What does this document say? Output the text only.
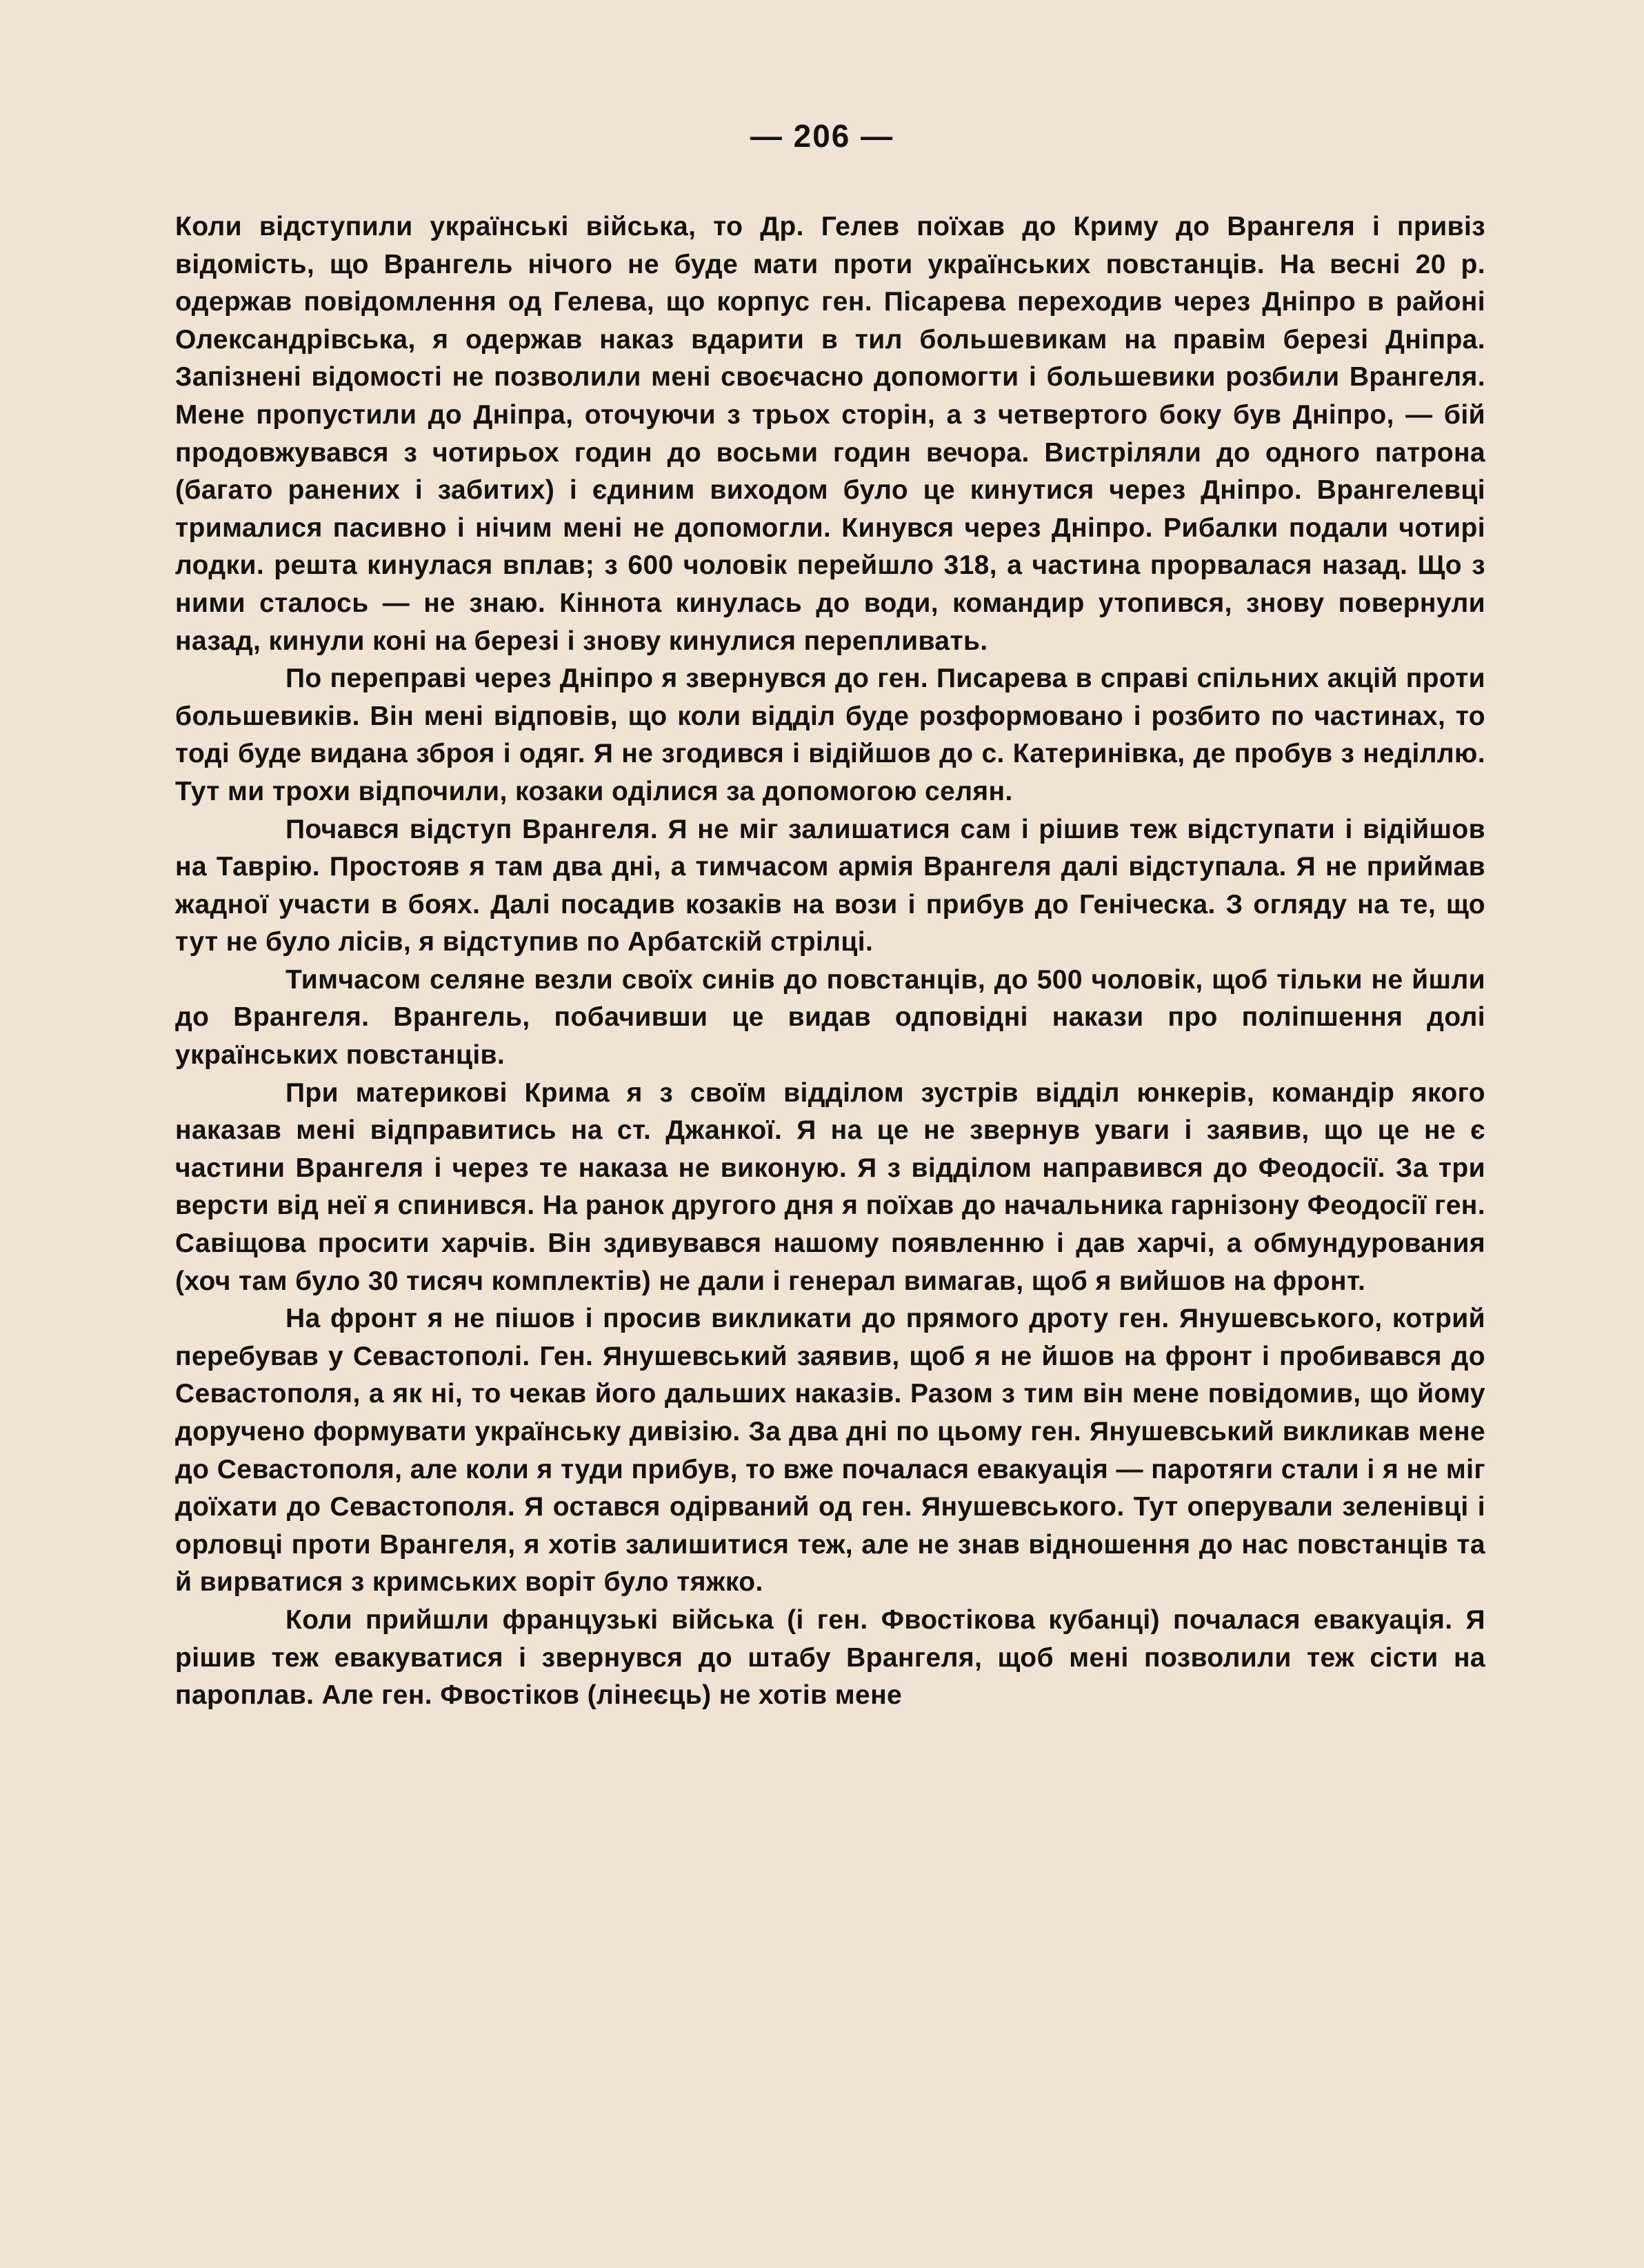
— 206 —

Коли відступили українські війська, то Др. Гелев поїхав до Криму до Врангеля і привіз відомість, що Врангель нічого не буде мати проти українських повстанців. На весні 20 р. одержав повідомлення од Гелева, що корпус ген. Пісарева переходив через Дніпро в районі Олександрівська, я одержав наказ вдарити в тил большевикам на правім березі Дніпра. Запізнені відомості не позволили мені своєчасно допомогти і большевики розбили Врангеля. Мене пропустили до Дніпра, оточуючи з трьох сторін, а з четвертого боку був Дніпро, — бій продовжувався з чотирьох годин до восьми годин вечора. Вистріляли до одного патрона (багато ранених і забитих) і єдиним виходом було це кинутися через Дніпро. Врангелевці трималися пасивно і нічим мені не допомогли. Кинувся через Дніпро. Рибалки подали чотирі лодки. решта кинулася вплав; з 600 чоловік перейшло 318, а частина прорвалася назад. Що з ними сталось — не знаю. Кіннота кинулась до води, командир утопився, знову повернули назад, кинули коні на березі і знову кинулися перепливать.

По переправі через Дніпро я звернувся до ген. Писарева в справі спільних акцій проти большевиків. Він мені відповів, що коли відділ буде розформовано і розбито по частинах, то тоді буде видана зброя і одяг. Я не згодився і відійшов до с. Катеринівка, де пробув з неділлю. Тут ми трохи відпочили, козаки оділися за допомогою селян.

Почався відступ Врангеля. Я не міг залишатися сам і рішив теж відступати і відійшов на Таврію. Простояв я там два дні, а тимчасом армія Врангеля далі відступала. Я не приймав жадної участи в боях. Далі посадив козаків на вози і прибув до Геніческа. З огляду на те, що тут не було лісів, я відступив по Арбатскій стрілці.

Тимчасом селяне везли своїх синів до повстанців, до 500 чоловік, щоб тільки не йшли до Врангеля. Врангель, побачивши це видав одповідні накази про поліпшення долі українських повстанців.

При материкові Крима я з своїм відділом зустрів відділ юнкерів, командір якого наказав мені відправитись на ст. Джанкої. Я на це не звернув уваги і заявив, що це не є частини Врангеля і через те наказа не виконую. Я з відділом направився до Феодосії. За три версти від неї я спинився. На ранок другого дня я поїхав до начальника гарнізону Феодосії ген. Савіщова просити харчів. Він здивувався нашому появленню і дав харчі, а обмундурования (хоч там було 30 тисяч комплектів) не дали і генерал вимагав, щоб я вийшов на фронт.

На фронт я не пішов і просив викликати до прямого дроту ген. Янушевського, котрий перебував у Севастополі. Ген. Янушевський заявив, щоб я не йшов на фронт і пробивався до Севастополя, а як ні, то чекав його дальших наказів. Разом з тим він мене повідомив, що йому доручено формувати українську дивізію. За два дні по цьому ген. Янушевський викликав мене до Севастополя, але коли я туди прибув, то вже почалася евакуація — паротяги стали і я не міг доїхати до Севастополя. Я остався одірваний од ген. Янушевського. Тут оперували зеленівці і орловці проти Врангеля, я хотів залишитися теж, але не знав відношення до нас повстанців та й вирватися з кримських воріт було тяжко.

Коли прийшли французькі війська (і ген. Фвостікова кубанці) почалася евакуація. Я рішив теж евакуватися і звернувся до штабу Врангеля, щоб мені позволили теж сісти на пароплав. Але ген. Фвостіков (лінеєць) не хотів мене
